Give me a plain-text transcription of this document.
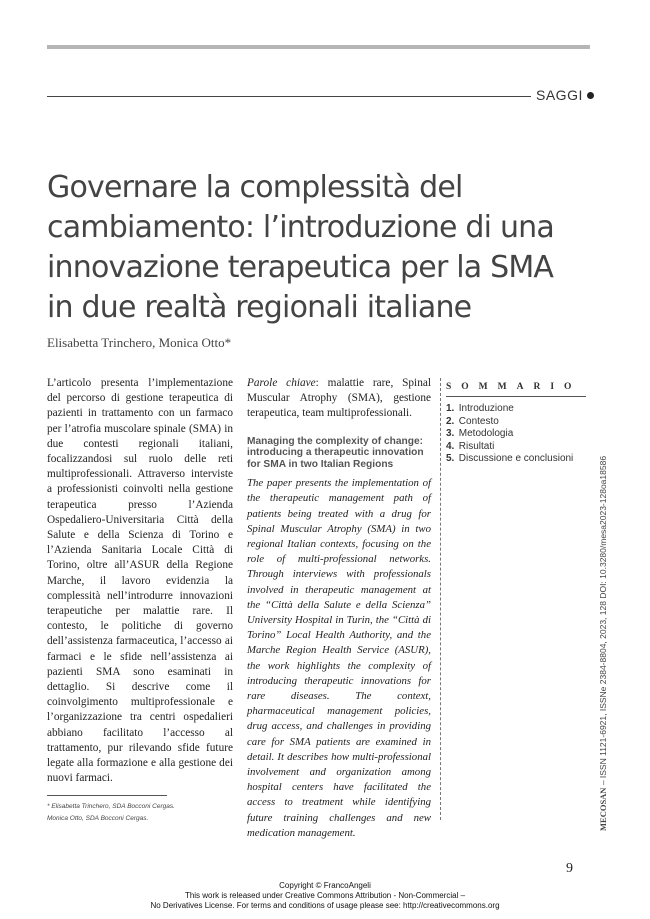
SAGGI
Governare la complessità del
cambiamento: l’introduzione di una
innovazione terapeutica per la SMA
in due realtà regionali italiane
Elisabetta Trinchero, Monica Otto*

L’articolo presenta l’implementazione del percorso di gestione terapeutica di pazienti in trattamento con un farmaco per l’atrofia muscolare spinale (SMA) in due contesti regionali italiani, focalizzandosi sul ruolo delle reti multiprofessionali. Attraverso interviste a professionisti coinvolti nella gestione terapeutica presso l’Azienda Ospedaliero-Universitaria Città della Salute e della Scienza di Torino e l’Azienda Sanitaria Locale Città di Torino, oltre all’ASUR della Regione Marche, il lavoro evidenzia la complessità nell’introdurre innovazioni terapeutiche per malattie rare. Il contesto, le politiche di governo dell’assistenza farmaceutica, l’accesso ai farmaci e le sfide nell’assistenza ai pazienti SMA sono esaminati in dettaglio. Si descrive come il coinvolgimento multiprofessionale e l’organizzazione tra centri ospedalieri abbiano facilitato l’accesso al trattamento, pur rilevando sfide future legate alla formazione e alla gestione dei nuovi farmaci.

* Elisabetta Trinchero, SDA Bocconi Cergas.
Monica Otto, SDA Bocconi Cergas.

Parole chiave: malattie rare, Spinal Muscular Atrophy (SMA), gestione terapeutica, team multiprofessionali.

Managing the complexity of change: introducing a therapeutic innovation for SMA in two Italian Regions

The paper presents the implementation of the therapeutic management path of patients being treated with a drug for Spinal Muscular Atrophy (SMA) in two regional Italian contexts, focusing on the role of multi-professional networks. Through interviews with professionals involved in therapeutic management at the “Città della Salute e della Scienza” University Hospital in Turin, the “Città di Torino” Local Health Authority, and the Marche Region Health Service (ASUR), the work highlights the complexity of introducing therapeutic innovations for rare diseases. The context, pharmaceutical management policies, drug access, and challenges in providing care for SMA patients are examined in detail. It describes how multi-professional involvement and organization among hospital centers have facilitated the access to treatment while identifying future training challenges and new medication management.

SOMMARIO
1. Introduzione
2. Contesto
3. Metodologia
4. Risultati
5. Discussione e conclusioni
MECOSAN – ISSN 1121-6921, ISSNe 2384-8804, 2023, 128 DOI: 10.3280/mesa2023-128oa18586
9
Copyright © FrancoAngeli
This work is released under Creative Commons Attribution - Non-Commercial –
No Derivatives License. For terms and conditions of usage please see: http://creativecommons.org
